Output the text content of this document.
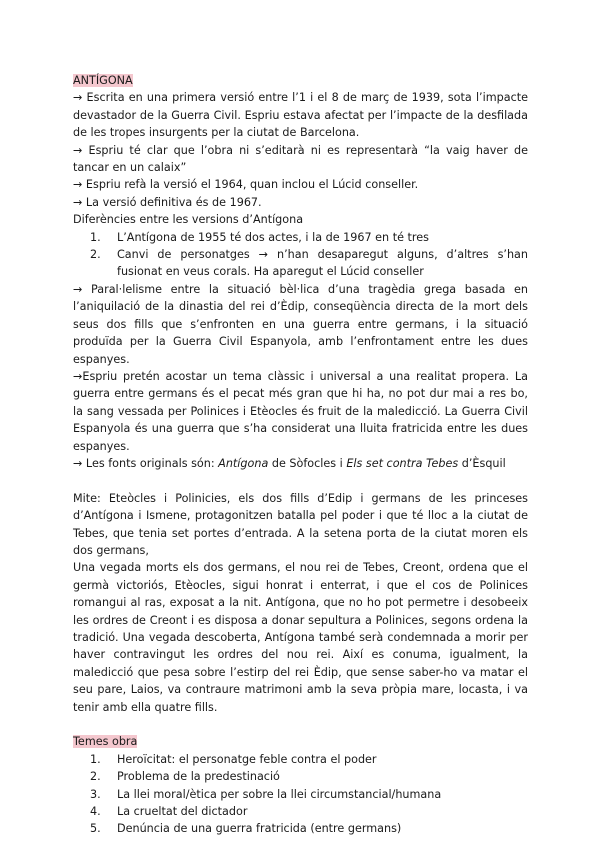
ANTÍGONA

→ Escrita en una primera versió entre l’1 i el 8 de març de 1939, sota l’impacte devastador de la Guerra Civil. Espriu estava afectat per l’impacte de la desfilada de les tropes insurgents per la ciutat de Barcelona.

→ Espriu té clar que l’obra ni s’editarà ni es representarà “la vaig haver de tancar en un calaix”

→ Espriu refà la versió el 1964, quan inclou el Lúcid conseller.

→ La versió definitiva és de 1967.

Diferències entre les versions d’Antígona

1.	L’Antígona de 1955 té dos actes, i la de 1967 en té tres
2.	Canvi de personatges → n’han desaparegut alguns, d’altres s’han fusionat en veus corals. Ha aparegut el Lúcid conseller

→ Paral·lelisme entre la situació bèl·lica d’una tragèdia grega basada en l’aniquilació de la dinastia del rei d’Èdip, conseqüència directa de la mort dels seus dos fills que s’enfronten en una guerra entre germans, i la situació produïda per la Guerra Civil Espanyola, amb l’enfrontament entre les dues espanyes.

→Espriu pretén acostar un tema clàssic i universal a una realitat propera. La guerra entre germans és el pecat més gran que hi ha, no pot dur mai a res bo, la sang vessada per Polinices i Etèocles és fruit de la maledicció. La Guerra Civil Espanyola és una guerra que s’ha considerat una lluita fratricida entre les dues espanyes.

→ Les fonts originals són: Antígona de Sòfocles i Els set contra Tebes d’Èsquil

Mite: Eteòcles i Polinicies, els dos fills d’Edip i germans de les princeses d’Antígona i Ismene, protagonitzen batalla pel poder i que té lloc a la ciutat de Tebes, que tenia set portes d’entrada. A la setena porta de la ciutat moren els dos germans,

Una vegada morts els dos germans, el nou rei de Tebes, Creont, ordena que el germà victoriós, Etèocles, sigui honrat i enterrat, i que el cos de Polinices romangui al ras, exposat a la nit. Antígona, que no ho pot permetre i desobeeix les ordres de Creont i es disposa a donar sepultura a Polinices, segons ordena la tradició. Una vegada descoberta, Antígona també serà condemnada a morir per haver contravingut les ordres del nou rei. Així es conuma, igualment, la maledicció que pesa sobre l’estirp del rei Èdip, que sense saber-ho va matar el seu pare, Laios, va contraure matrimoni amb la seva pròpia mare, locasta, i va tenir amb ella quatre fills.

Temes obra

1.	Heroïcitat: el personatge feble contra el poder
2.	Problema de la predestinació
3.	La llei moral/ètica per sobre la llei circumstancial/humana
4.	La crueltat del dictador
5.	Denúncia de una guerra fratricida (entre germans)
